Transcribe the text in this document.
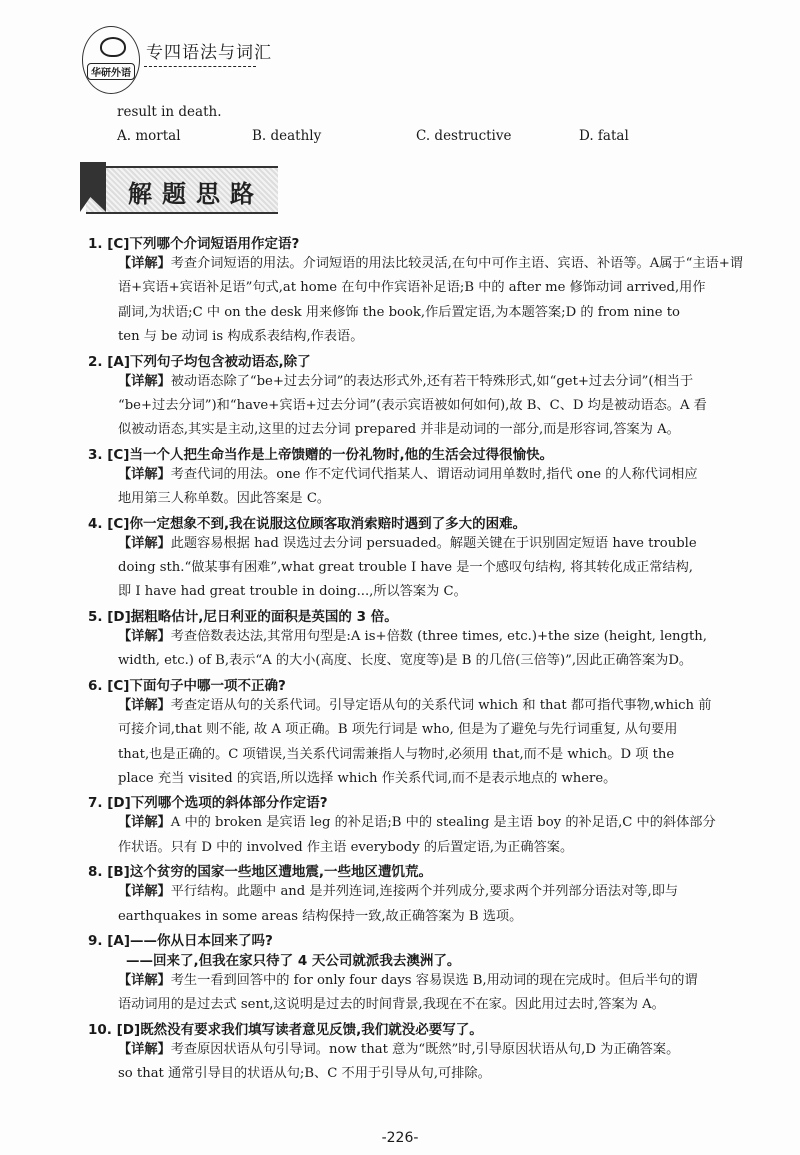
华研外语
专四语法与词汇
result in death.
A. mortal	B. deathly	C. destructive	D. fatal
解题思路
1. [C]下列哪个介词短语用作定语?
【详解】考查介词短语的用法。介词短语的用法比较灵活,在句中可作主语、宾语、补语等。A属于“主语+谓
语+宾语+宾语补足语”句式,at home 在句中作宾语补足语;B 中的 after me 修饰动词 arrived,用作
副词,为状语;C 中 on the desk 用来修饰 the book,作后置定语,为本题答案;D 的 from nine to
ten 与 be 动词 is 构成系表结构,作表语。
2. [A]下列句子均包含被动语态,除了
【详解】被动语态除了“be+过去分词”的表达形式外,还有若干特殊形式,如“get+过去分词”(相当于
“be+过去分词”)和“have+宾语+过去分词”(表示宾语被如何如何),故 B、C、D 均是被动语态。A 看
似被动语态,其实是主动,这里的过去分词 prepared 并非是动词的一部分,而是形容词,答案为 A。
3. [C]当一个人把生命当作是上帝馈赠的一份礼物时,他的生活会过得很愉快。
【详解】考查代词的用法。one 作不定代词代指某人、谓语动词用单数时,指代 one 的人称代词相应
地用第三人称单数。因此答案是 C。
4. [C]你一定想象不到,我在说服这位顾客取消索赔时遇到了多大的困难。
【详解】此题容易根据 had 误选过去分词 persuaded。解题关键在于识别固定短语 have trouble
doing sth.“做某事有困难”,what great trouble I have 是一个感叹句结构, 将其转化成正常结构,
即 I have had great trouble in doing...,所以答案为 C。
5. [D]据粗略估计,尼日利亚的面积是英国的 3 倍。
【详解】考查倍数表达法,其常用句型是:A is+倍数 (three times, etc.)+the size (height, length,
width, etc.) of B,表示“A 的大小(高度、长度、宽度等)是 B 的几倍(三倍等)”,因此正确答案为D。
6. [C]下面句子中哪一项不正确?
【详解】考查定语从句的关系代词。引导定语从句的关系代词 which 和 that 都可指代事物,which 前
可接介词,that 则不能, 故 A 项正确。B 项先行词是 who, 但是为了避免与先行词重复, 从句要用
that,也是正确的。C 项错误,当关系代词需兼指人与物时,必须用 that,而不是 which。D 项 the
place 充当 visited 的宾语,所以选择 which 作关系代词,而不是表示地点的 where。
7. [D]下列哪个选项的斜体部分作定语?
【详解】A 中的 broken 是宾语 leg 的补足语;B 中的 stealing 是主语 boy 的补足语,C 中的斜体部分
作状语。只有 D 中的 involved 作主语 everybody 的后置定语,为正确答案。
8. [B]这个贫穷的国家一些地区遭地震,一些地区遭饥荒。
【详解】平行结构。此题中 and 是并列连词,连接两个并列成分,要求两个并列部分语法对等,即与
earthquakes in some areas 结构保持一致,故正确答案为 B 选项。
9. [A]——你从日本回来了吗?
——回来了,但我在家只待了 4 天公司就派我去澳洲了。
【详解】考生一看到回答中的 for only four days 容易误选 B,用动词的现在完成时。但后半句的谓
语动词用的是过去式 sent,这说明是过去的时间背景,我现在不在家。因此用过去时,答案为 A。
10. [D]既然没有要求我们填写读者意见反馈,我们就没必要写了。
【详解】考查原因状语从句引导词。now that 意为“既然”时,引导原因状语从句,D 为正确答案。
so that 通常引导目的状语从句;B、C 不用于引导从句,可排除。
-226-
